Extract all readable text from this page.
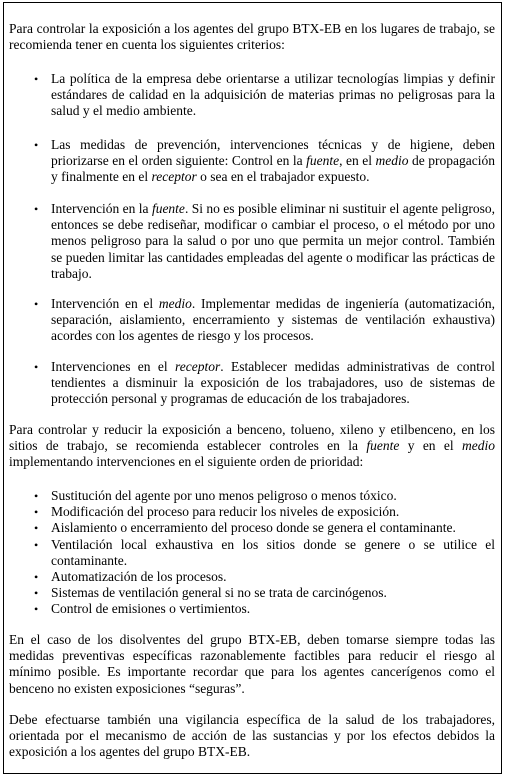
Para controlar la exposición a los agentes del grupo BTX-EB en los lugares de trabajo, se recomienda tener en cuenta los siguientes criterios:

• La política de la empresa debe orientarse a utilizar tecnologías limpias y definir estándares de calidad en la adquisición de materias primas no peligrosas para la salud y el medio ambiente.

• Las medidas de prevención, intervenciones técnicas y de higiene, deben priorizarse en el orden siguiente: Control en la fuente, en el medio de propagación y finalmente en el receptor o sea en el trabajador expuesto.

• Intervención en la fuente. Si no es posible eliminar ni sustituir el agente peligroso, entonces se debe rediseñar, modificar o cambiar el proceso, o el método por uno menos peligroso para la salud o por uno que permita un mejor control. También se pueden limitar las cantidades empleadas del agente o modificar las prácticas de trabajo.

• Intervención en el medio. Implementar medidas de ingeniería (automatización, separación, aislamiento, encerramiento y sistemas de ventilación exhaustiva) acordes con los agentes de riesgo y los procesos.

• Intervenciones en el receptor. Establecer medidas administrativas de control tendientes a disminuir la exposición de los trabajadores, uso de sistemas de protección personal y programas de educación de los trabajadores.

Para controlar y reducir la exposición a benceno, tolueno, xileno y etilbenceno, en los sitios de trabajo, se recomienda establecer controles en la fuente y en el medio implementando intervenciones en el siguiente orden de prioridad:

• Sustitución del agente por uno menos peligroso o menos tóxico.
• Modificación del proceso para reducir los niveles de exposición.
• Aislamiento o encerramiento del proceso donde se genera el contaminante.
• Ventilación local exhaustiva en los sitios donde se genere o se utilice el contaminante.
• Automatización de los procesos.
• Sistemas de ventilación general si no se trata de carcinógenos.
• Control de emisiones o vertimientos.

En el caso de los disolventes del grupo BTX-EB, deben tomarse siempre todas las medidas preventivas específicas razonablemente factibles para reducir el riesgo al mínimo posible. Es importante recordar que para los agentes cancerígenos como el benceno no existen exposiciones “seguras”.

Debe efectuarse también una vigilancia específica de la salud de los trabajadores, orientada por el mecanismo de acción de las sustancias y por los efectos debidos la exposición a los agentes del grupo BTX-EB.
